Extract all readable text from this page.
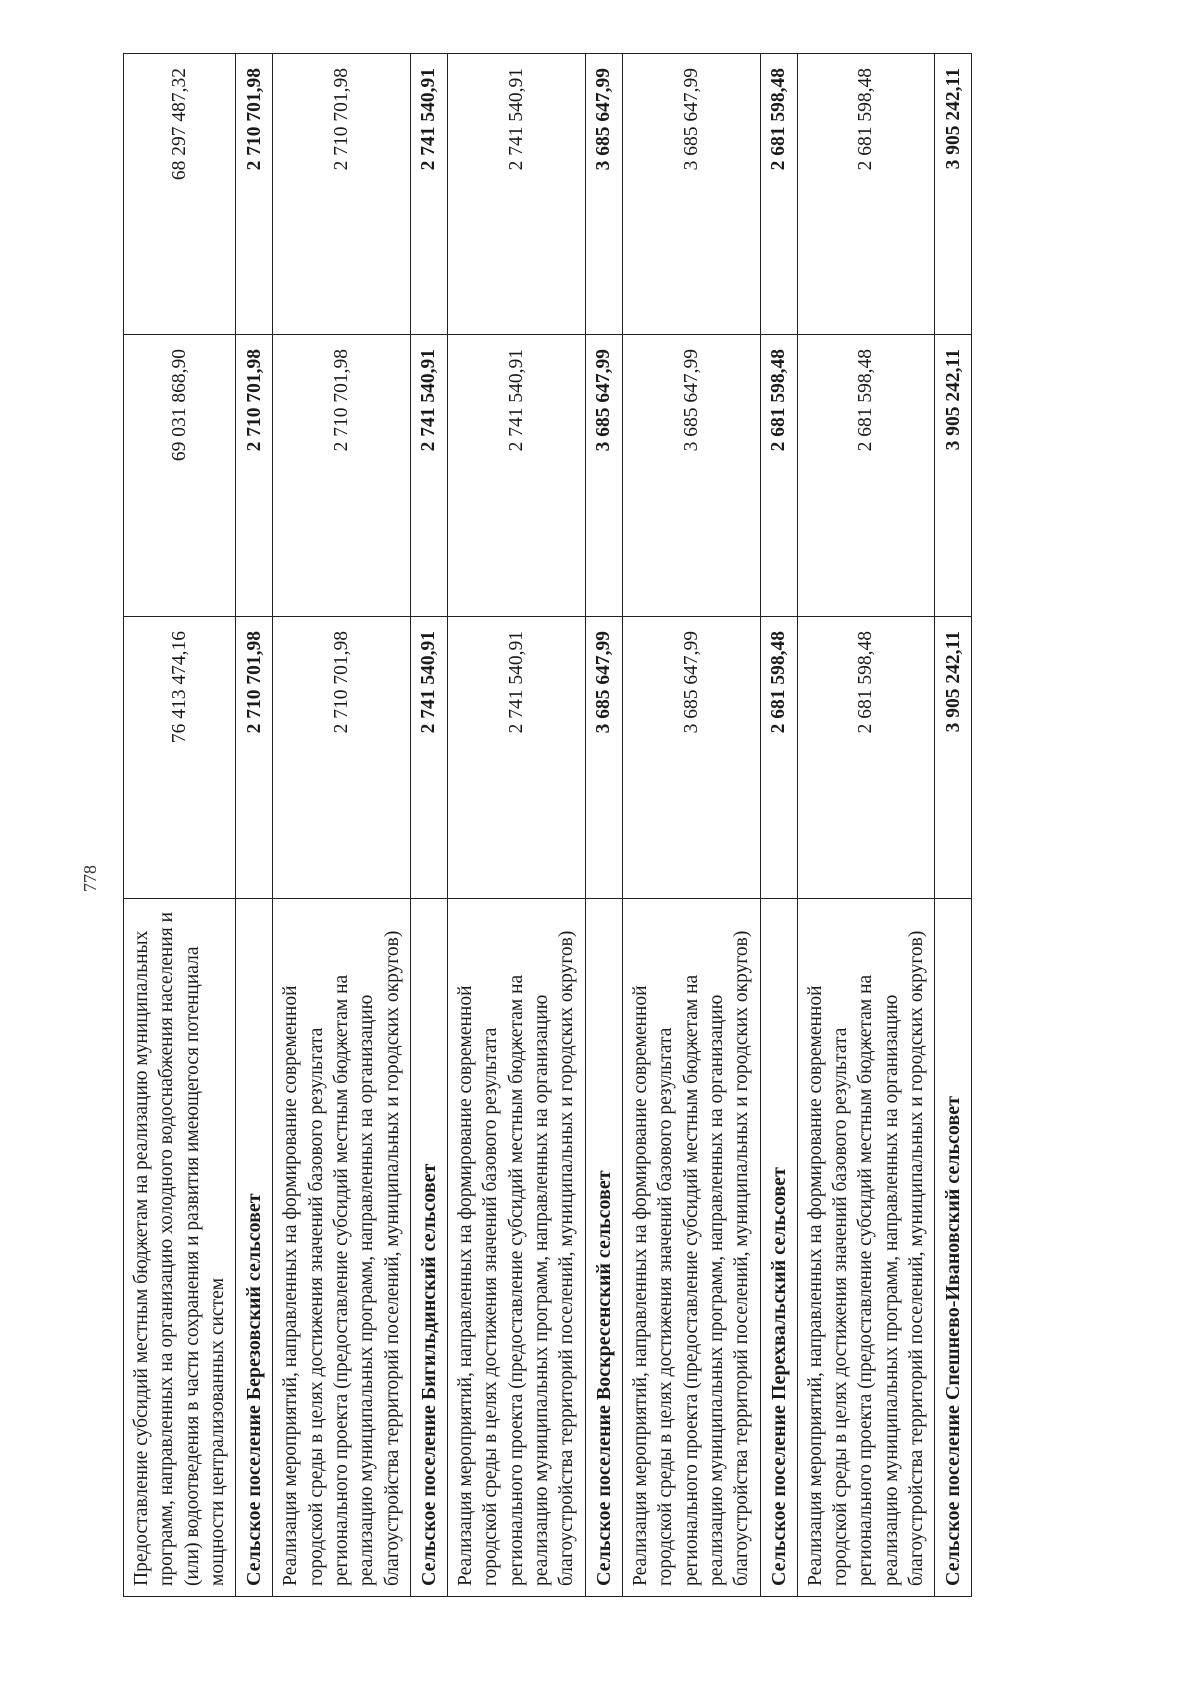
778
Предоставление субсидий местным бюджетам на реализацию муниципальных программ, направленных на организацию холодного водоснабжения населения и (или) водоотведения в части сохранения и развития имеющегося потенциала мощности централизованных систем	76 413 474,16	69 031 868,90	68 297 487,32
Сельское поселение Березовский сельсовет	2 710 701,98	2 710 701,98	2 710 701,98
Реализация мероприятий, направленных на формирование современной городской среды в целях достижения значений базового результата регионального проекта (предоставление субсидий местным бюджетам на реализацию муниципальных программ, направленных на организацию благоустройства территорий поселений, муниципальных и городских округов)	2 710 701,98	2 710 701,98	2 710 701,98
Сельское поселение Бигильдинский сельсовет	2 741 540,91	2 741 540,91	2 741 540,91
Реализация мероприятий, направленных на формирование современной городской среды в целях достижения значений базового результата регионального проекта (предоставление субсидий местным бюджетам на реализацию муниципальных программ, направленных на организацию благоустройства территорий поселений, муниципальных и городских округов)	2 741 540,91	2 741 540,91	2 741 540,91
Сельское поселение Воскресенский сельсовет	3 685 647,99	3 685 647,99	3 685 647,99
Реализация мероприятий, направленных на формирование современной городской среды в целях достижения значений базового результата регионального проекта (предоставление субсидий местным бюджетам на реализацию муниципальных программ, направленных на организацию благоустройства территорий поселений, муниципальных и городских округов)	3 685 647,99	3 685 647,99	3 685 647,99
Сельское поселение Перехвальский сельсовет	2 681 598,48	2 681 598,48	2 681 598,48
Реализация мероприятий, направленных на формирование современной городской среды в целях достижения значений базового результата регионального проекта (предоставление субсидий местным бюджетам на реализацию муниципальных программ, направленных на организацию благоустройства территорий поселений, муниципальных и городских округов)	2 681 598,48	2 681 598,48	2 681 598,48
Сельское поселение Спешнево-Ивановский сельсовет	3 905 242,11	3 905 242,11	3 905 242,11
